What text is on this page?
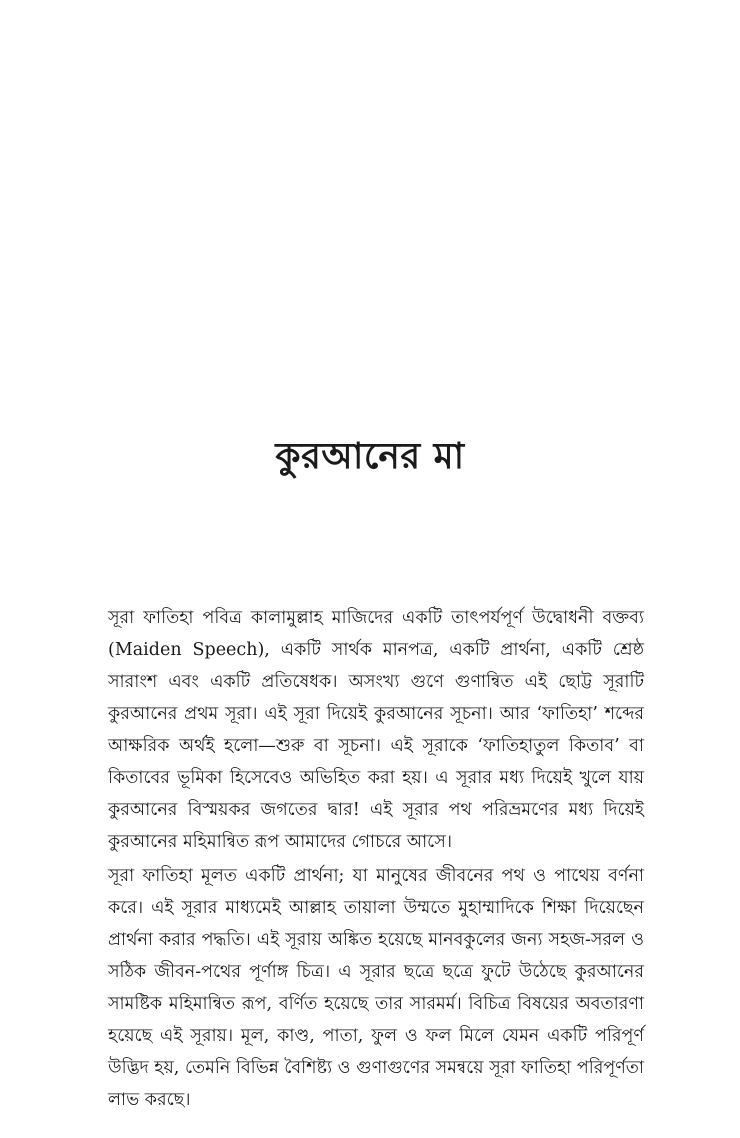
কুরআনের মা

সূরা ফাতিহা পবিত্র কালামুল্লাহ মাজিদের একটি তাৎপর্যপূর্ণ উদ্বোধনী বক্তব্য (Maiden Speech), একটি সার্থক মানপত্র, একটি প্রার্থনা, একটি শ্রেষ্ঠ সারাংশ এবং একটি প্রতিষেধক। অসংখ্য গুণে গুণান্বিত এই ছোট্ট সূরাটি কুরআনের প্রথম সূরা। এই সূরা দিয়েই কুরআনের সূচনা। আর ‘ফাতিহা’ শব্দের আক্ষরিক অর্থই হলো—শুরু বা সূচনা। এই সূরাকে ‘ফাতিহাতুল কিতাব’ বা কিতাবের ভূমিকা হিসেবেও অভিহিত করা হয়। এ সূরার মধ্য দিয়েই খুলে যায় কুরআনের বিস্ময়কর জগতের দ্বার! এই সূরার পথ পরিভ্রমণের মধ্য দিয়েই কুরআনের মহিমান্বিত রূপ আমাদের গোচরে আসে।

সূরা ফাতিহা মূলত একটি প্রার্থনা; যা মানুষের জীবনের পথ ও পাথেয় বর্ণনা করে। এই সূরার মাধ্যমেই আল্লাহ তায়ালা উম্মতে মুহাম্মাদিকে শিক্ষা দিয়েছেন প্রার্থনা করার পদ্ধতি। এই সূরায় অঙ্কিত হয়েছে মানবকুলের জন্য সহজ-সরল ও সঠিক জীবন-পথের পূর্ণাঙ্গ চিত্র। এ সূরার ছত্রে ছত্রে ফুটে উঠেছে কুরআনের সামষ্টিক মহিমান্বিত রূপ, বর্ণিত হয়েছে তার সারমর্ম। বিচিত্র বিষয়ের অবতারণা হয়েছে এই সূরায়। মূল, কাণ্ড, পাতা, ফুল ও ফল মিলে যেমন একটি পরিপূর্ণ উদ্ভিদ হয়, তেমনি বিভিন্ন বৈশিষ্ট্য ও গুণাগুণের সমন্বয়ে সূরা ফাতিহা পরিপূর্ণতা লাভ করছে।
